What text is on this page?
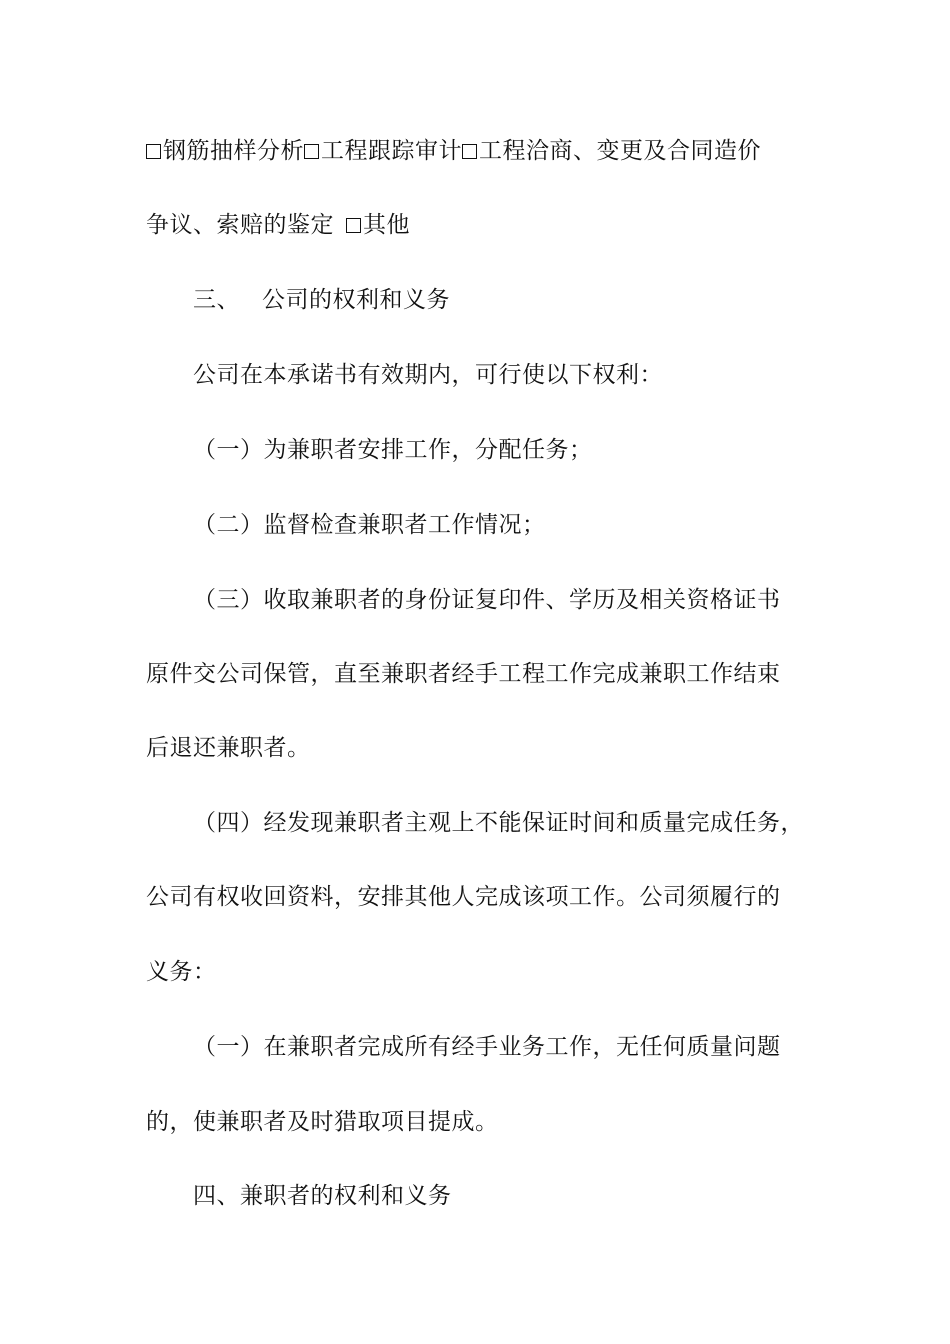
钢筋抽样分析 工程跟踪审计 工程洽商、变更及合同造价
争议、索赔的鉴定 其他
三、 公司的权利和义务
公司在本承诺书有效期内，可行使以下权利：
（一）为兼职者安排工作，分配任务；
（二）监督检查兼职者工作情况；
（三）收取兼职者的身份证复印件、学历及相关资格证书
原件交公司保管，直至兼职者经手工程工作完成兼职工作结束
后退还兼职者。
（四）经发现兼职者主观上不能保证时间和质量完成任务，
公司有权收回资料，安排其他人完成该项工作。公司须履行的
义务：
（一）在兼职者完成所有经手业务工作，无任何质量问题
的，使兼职者及时猎取项目提成。
四、兼职者的权利和义务
